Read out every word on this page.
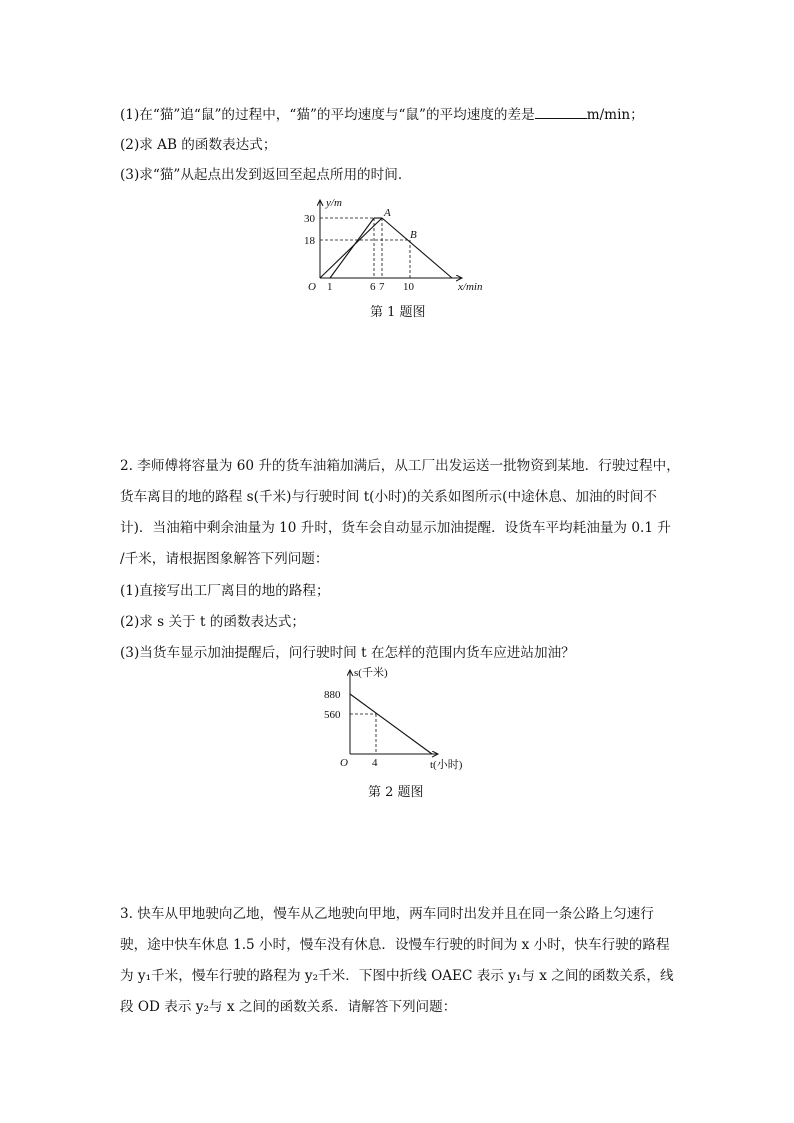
(1)在“猫”追“鼠”的过程中，“猫”的平均速度与“鼠”的平均速度的差是	m/min；

(2)求 AB 的函数表达式；

(3)求“猫”从起点出发到返回至起点所用的时间．

y/m
x/min
O
30
18
1	6 7 10
A
B

第 1 题图

2. 李师傅将容量为 60 升的货车油箱加满后，从工厂出发运送一批物资到某地．行驶过程中，

货车离目的地的路程 s(千米)与行驶时间 t(小时)的关系如图所示(中途休息、加油的时间不

计)．当油箱中剩余油量为 10 升时，货车会自动显示加油提醒．设货车平均耗油量为 0.1 升

/千米，请根据图象解答下列问题：

(1)直接写出工厂离目的地的路程；

(2)求 s 关于 t 的函数表达式；

(3)当货车显示加油提醒后，问行驶时间 t 在怎样的范围内货车应进站加油？

s(千米)
t(小时)
O
880
560
4

第 2 题图

3. 快车从甲地驶向乙地，慢车从乙地驶向甲地，两车同时出发并且在同一条公路上匀速行

驶，途中快车休息 1.5 小时，慢车没有休息．设慢车行驶的时间为 x 小时，快车行驶的路程

为 y₁千米，慢车行驶的路程为 y₂千米．下图中折线 OAEC 表示 y₁与 x 之间的函数关系，线

段 OD 表示 y₂与 x 之间的函数关系．请解答下列问题：
